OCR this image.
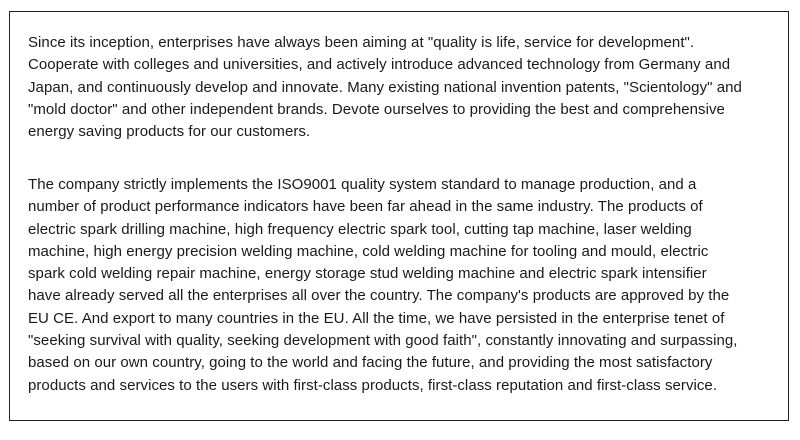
Since its inception, enterprises have always been aiming at "quality is life, service for development".
Cooperate with colleges and universities, and actively introduce advanced technology from Germany and
Japan, and continuously develop and innovate. Many existing national invention patents, "Scientology" and
"mold doctor" and other independent brands. Devote ourselves to providing the best and comprehensive
energy saving products for our customers.

The company strictly implements the ISO9001 quality system standard to manage production, and a
number of product performance indicators have been far ahead in the same industry. The products of
electric spark drilling machine, high frequency electric spark tool, cutting tap machine, laser welding
machine, high energy precision welding machine, cold welding machine for tooling and mould, electric
spark cold welding repair machine, energy storage stud welding machine and electric spark intensifier
have already served all the enterprises all over the country. The company's products are approved by the
EU CE. And export to many countries in the EU. All the time, we have persisted in the enterprise tenet of
"seeking survival with quality, seeking development with good faith", constantly innovating and surpassing,
based on our own country, going to the world and facing the future, and providing the most satisfactory
products and services to the users with first-class products, first-class reputation and first-class service.
